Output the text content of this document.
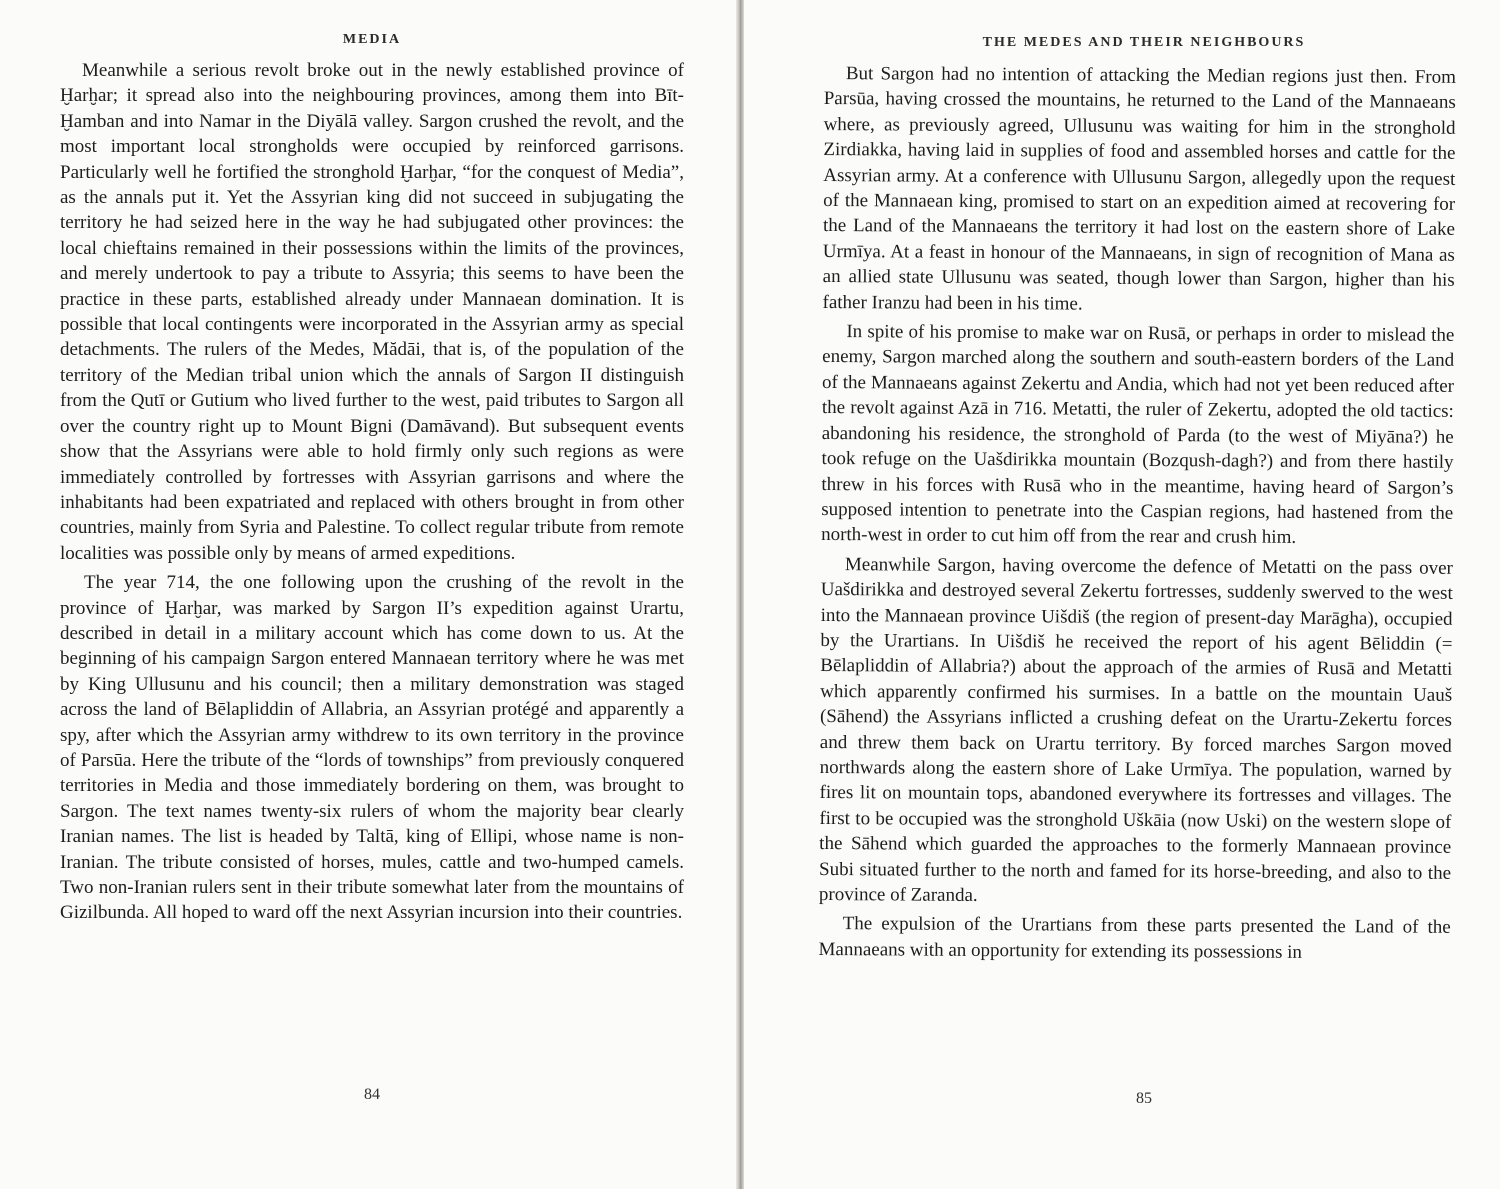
MEDIA

Meanwhile a serious revolt broke out in the newly established province of Ḫarḫar; it spread also into the neighbouring provinces, among them into Bīt-Ḫamban and into Namar in the Diyālā valley. Sargon crushed the revolt, and the most important local strongholds were occupied by reinforced garrisons. Particularly well he fortified the stronghold Ḫarḫar, “for the conquest of Media”, as the annals put it. Yet the Assyrian king did not succeed in subjugating the territory he had seized here in the way he had subjugated other provinces: the local chieftains remained in their possessions within the limits of the provinces, and merely undertook to pay a tribute to Assyria; this seems to have been the practice in these parts, established already under Mannaean domination. It is possible that local contingents were incorporated in the Assyrian army as special detachments. The rulers of the Medes, Mădāi, that is, of the population of the territory of the Median tribal union which the annals of Sargon II distinguish from the Qutī or Gutium who lived further to the west, paid tributes to Sargon all over the country right up to Mount Bigni (Damāvand). But subsequent events show that the Assyrians were able to hold firmly only such regions as were immediately controlled by fortresses with Assyrian garrisons and where the inhabitants had been expatriated and replaced with others brought in from other countries, mainly from Syria and Palestine. To collect regular tribute from remote localities was possible only by means of armed expeditions.

The year 714, the one following upon the crushing of the revolt in the province of Ḫarḫar, was marked by Sargon II’s expedition against Urartu, described in detail in a military account which has come down to us. At the beginning of his campaign Sargon entered Mannaean territory where he was met by King Ullusunu and his council; then a military demonstration was staged across the land of Bēlapliddin of Allabria, an Assyrian protégé and apparently a spy, after which the Assyrian army withdrew to its own territory in the province of Parsūa. Here the tribute of the “lords of townships” from previously conquered territories in Media and those immediately bordering on them, was brought to Sargon. The text names twenty-six rulers of whom the majority bear clearly Iranian names. The list is headed by Taltā, king of Ellipi, whose name is non-Iranian. The tribute consisted of horses, mules, cattle and two-humped camels. Two non-Iranian rulers sent in their tribute somewhat later from the mountains of Gizilbunda. All hoped to ward off the next Assyrian incursion into their countries.

84
THE MEDES AND THEIR NEIGHBOURS

But Sargon had no intention of attacking the Median regions just then. From Parsūa, having crossed the mountains, he returned to the Land of the Mannaeans where, as previously agreed, Ullusunu was waiting for him in the stronghold Zirdiakka, having laid in supplies of food and assembled horses and cattle for the Assyrian army. At a conference with Ullusunu Sargon, allegedly upon the request of the Mannaean king, promised to start on an expedition aimed at recovering for the Land of the Mannaeans the territory it had lost on the eastern shore of Lake Urmīya. At a feast in honour of the Mannaeans, in sign of recognition of Mana as an allied state Ullusunu was seated, though lower than Sargon, higher than his father Iranzu had been in his time.

In spite of his promise to make war on Rusā, or perhaps in order to mislead the enemy, Sargon marched along the southern and south-eastern borders of the Land of the Mannaeans against Zekertu and Andia, which had not yet been reduced after the revolt against Azā in 716. Metatti, the ruler of Zekertu, adopted the old tactics: abandoning his residence, the stronghold of Parda (to the west of Miyāna?) he took refuge on the Uašdirikka mountain (Bozqush-dagh?) and from there hastily threw in his forces with Rusā who in the meantime, having heard of Sargon’s supposed intention to penetrate into the Caspian regions, had hastened from the north-west in order to cut him off from the rear and crush him.

Meanwhile Sargon, having overcome the defence of Metatti on the pass over Uašdirikka and destroyed several Zekertu fortresses, suddenly swerved to the west into the Mannaean province Uišdiš (the region of present-day Marāgha), occupied by the Urartians. In Uišdiš he received the report of his agent Bēliddin (= Bēlapliddin of Allabria?) about the approach of the armies of Rusā and Metatti which apparently confirmed his surmises. In a battle on the mountain Uauš (Sāhend) the Assyrians inflicted a crushing defeat on the Urartu-Zekertu forces and threw them back on Urartu territory. By forced marches Sargon moved northwards along the eastern shore of Lake Urmīya. The population, warned by fires lit on mountain tops, abandoned everywhere its fortresses and villages. The first to be occupied was the stronghold Uškāia (now Uski) on the western slope of the Sāhend which guarded the approaches to the formerly Mannaean province Subi situated further to the north and famed for its horse-breeding, and also to the province of Zaranda.

The expulsion of the Urartians from these parts presented the Land of the Mannaeans with an opportunity for extending its possessions in

85
